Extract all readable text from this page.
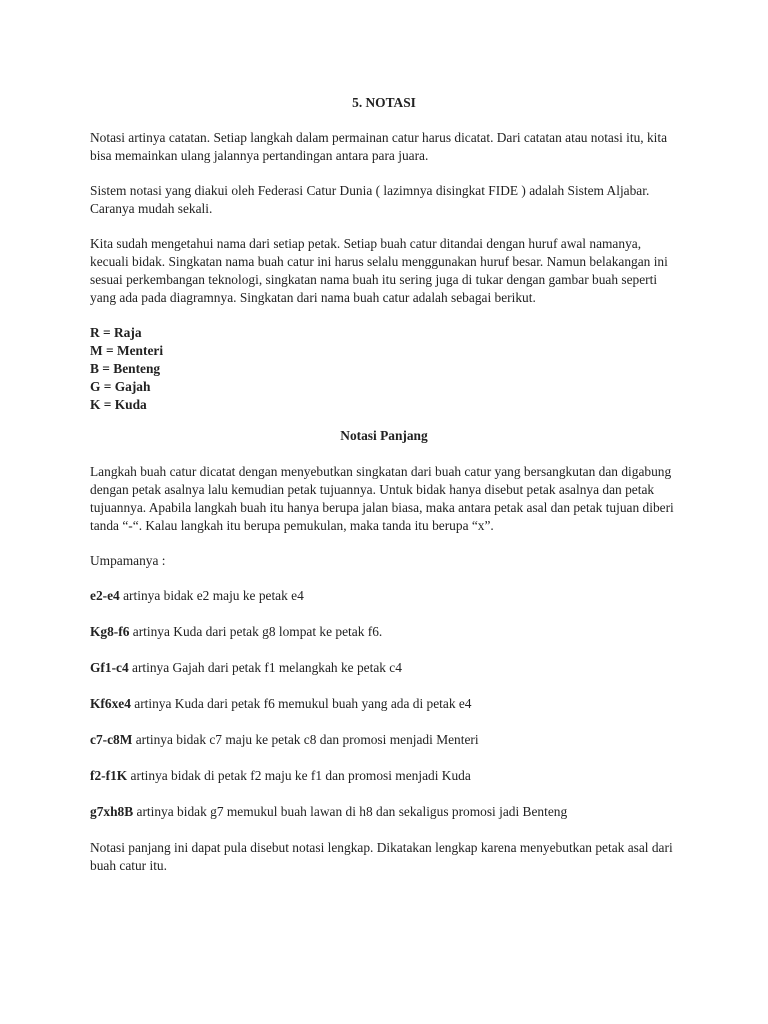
5. NOTASI

Notasi artinya catatan. Setiap langkah dalam permainan catur harus dicatat. Dari catatan atau notasi itu, kita bisa memainkan ulang jalannya pertandingan antara para juara.

Sistem notasi yang diakui oleh Federasi Catur Dunia ( lazimnya disingkat FIDE ) adalah Sistem Aljabar. Caranya mudah sekali.

Kita sudah mengetahui nama dari setiap petak. Setiap buah catur ditandai dengan huruf awal namanya, kecuali bidak. Singkatan nama buah catur ini harus selalu menggunakan huruf besar. Namun belakangan ini sesuai perkembangan teknologi, singkatan nama buah itu sering juga di tukar dengan gambar buah seperti yang ada pada diagramnya. Singkatan dari nama buah catur adalah sebagai berikut.

R = Raja
M = Menteri
B = Benteng
G = Gajah
K = Kuda
Notasi Panjang

Langkah buah catur dicatat dengan menyebutkan singkatan dari buah catur yang bersangkutan dan digabung dengan petak asalnya lalu kemudian petak tujuannya. Untuk bidak hanya disebut petak asalnya dan petak tujuannya. Apabila langkah buah itu hanya berupa jalan biasa, maka antara petak asal dan petak tujuan diberi tanda “-“. Kalau langkah itu berupa pemukulan, maka tanda itu berupa “x”.

Umpamanya :

e2-e4 artinya bidak e2 maju ke petak e4
Kg8-f6 artinya Kuda dari petak g8 lompat ke petak f6.
Gf1-c4 artinya Gajah dari petak f1 melangkah ke petak c4
Kf6xe4 artinya Kuda dari petak f6 memukul buah yang ada di petak e4
c7-c8M artinya bidak c7 maju ke petak c8 dan promosi menjadi Menteri
f2-f1K artinya bidak di petak f2 maju ke f1 dan promosi menjadi Kuda
g7xh8B artinya bidak g7 memukul buah lawan di h8 dan sekaligus promosi jadi Benteng

Notasi panjang ini dapat pula disebut notasi lengkap. Dikatakan lengkap karena menyebutkan petak asal dari buah catur itu.
